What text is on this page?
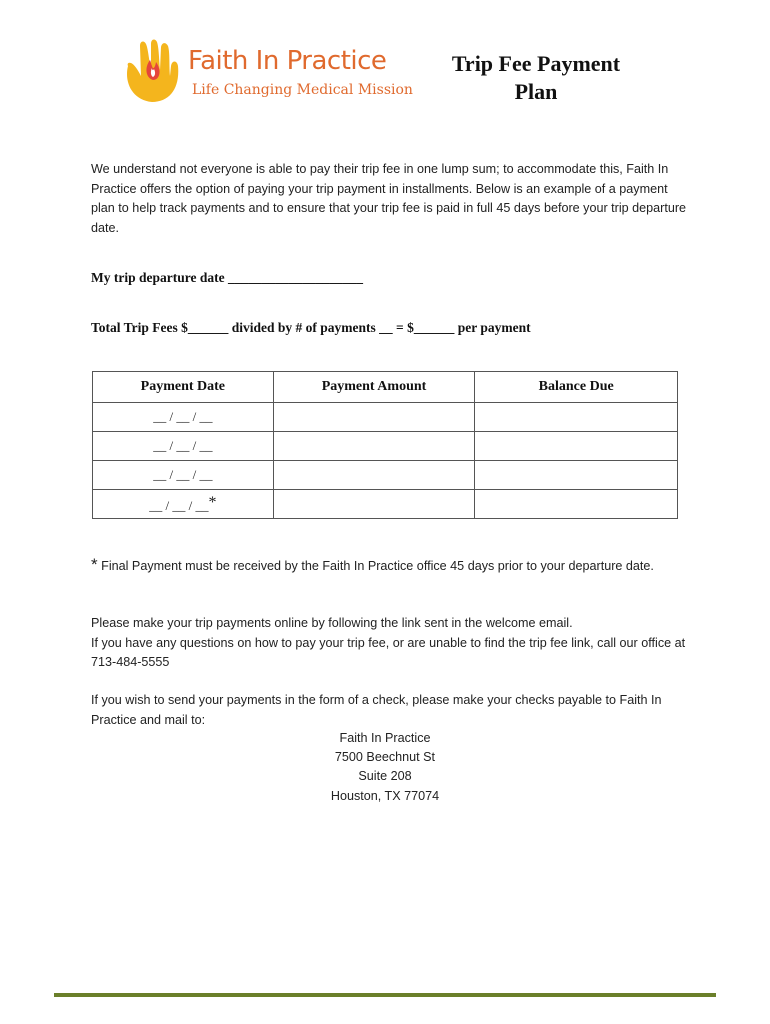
Faith In Practice
Life Changing Medical Mission
Trip Fee Payment
Plan
We understand not everyone is able to pay their trip fee in one lump sum; to accommodate this, Faith In Practice offers the option of paying your trip payment in installments. Below is an example of a payment plan to help track payments and to ensure that your trip fee is paid in full 45 days before your trip departure date.
My trip departure date ____________________
Total Trip Fees $______ divided by # of payments __ = $______ per payment
Payment Date	Payment Amount	Balance Due
__ / __ / __		
__ / __ / __		
__ / __ / __		
__ / __ / __*		
* Final Payment must be received by the Faith In Practice office 45 days prior to your departure date.
Please make your trip payments online by following the link sent in the welcome email.
If you have any questions on how to pay your trip fee, or are unable to find the trip fee link, call our office at 713-484-5555
If you wish to send your payments in the form of a check, please make your checks payable to Faith In Practice and mail to:
Faith In Practice
7500 Beechnut St
Suite 208
Houston, TX 77074
